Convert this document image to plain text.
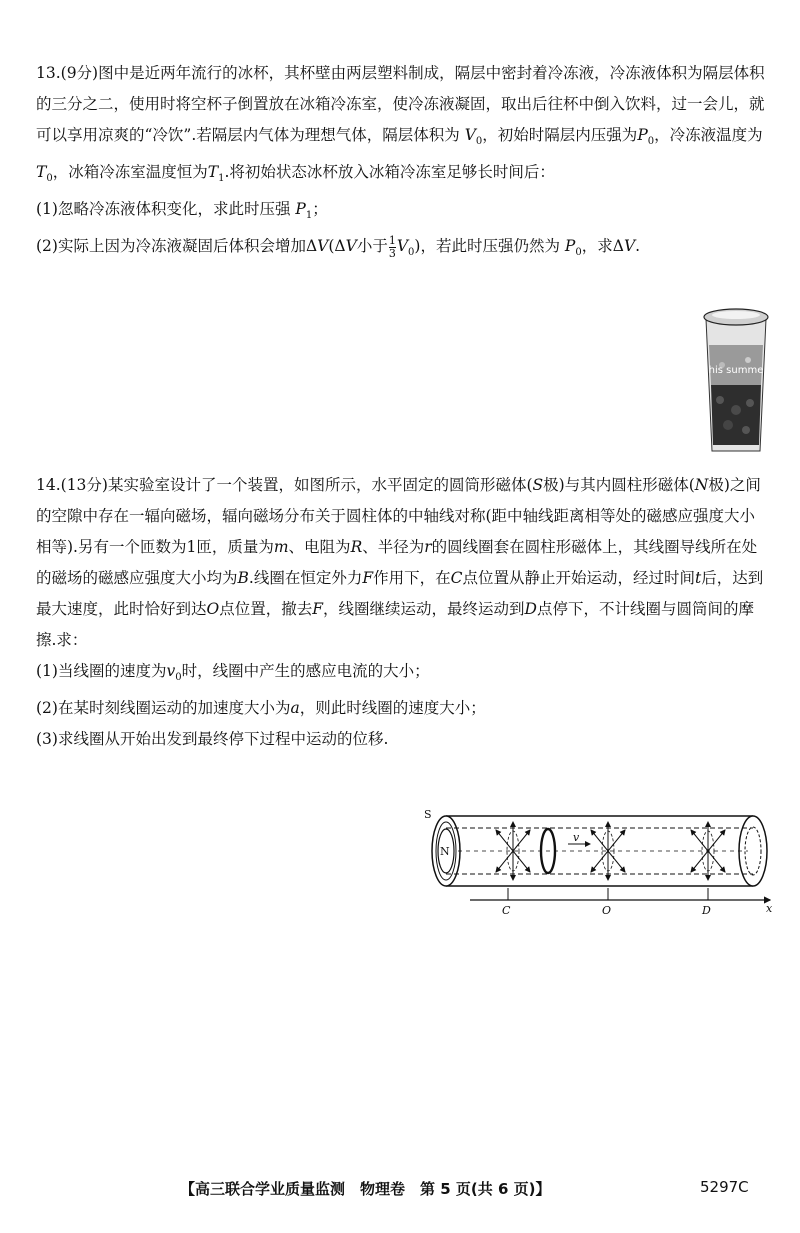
13.(9分)图中是近两年流行的冰杯，其杯壁由两层塑料制成，隔层中密封着冷冻液，冷冻液体积为隔层体积的三分之二，使用时将空杯子倒置放在冰箱冷冻室，使冷冻液凝固，取出后往杯中倒入饮料，过一会儿，就可以享用凉爽的“冷饮”.若隔层内气体为理想气体，隔层体积为 $V_0$，初始时隔层内压强为$P_0$，冷冻液温度为$T_0$，冰箱冷冻室温度恒为$T_1$.将初始状态冰杯放入冰箱冷冻室足够长时间后：

(1)忽略冷冻液体积变化，求此时压强 $P_1$；

(2)实际上因为冷冻液凝固后体积会增加ΔV(ΔV小于 $\frac{1}{3} V_0$)，若此时压强仍然为 $P_0$，求ΔV.

his summe

14.(13分)某实验室设计了一个装置，如图所示，水平固定的圆筒形磁体(S极)与其内圆柱形磁体(N极)之间的空隙中存在一辐向磁场，辐向磁场分布关于圆柱体的中轴线对称(距中轴线距离相等处的磁感应强度大小相等).另有一个匝数为1匝，质量为m、电阻为R、半径为r的圆线圈套在圆柱形磁体上，其线圈导线所在处的磁场的磁感应强度大小均为B.线圈在恒定外力F作用下，在C点位置从静止开始运动，经过时间t后，达到最大速度，此时恰好到达O点位置，撤去F，线圈继续运动，最终运动到D点停下，不计线圈与圆筒间的摩擦.求：

(1)当线圈的速度为$v_0$时，线圈中产生的感应电流的大小；

(2)在某时刻线圈运动的加速度大小为a，则此时线圈的速度大小；

(3)求线圈从开始出发到最终停下过程中运动的位移.

S
N
v
C	O	D	x
【高三联合学业质量监测　物理卷　第 5 页(共 6 页)】	5297C
